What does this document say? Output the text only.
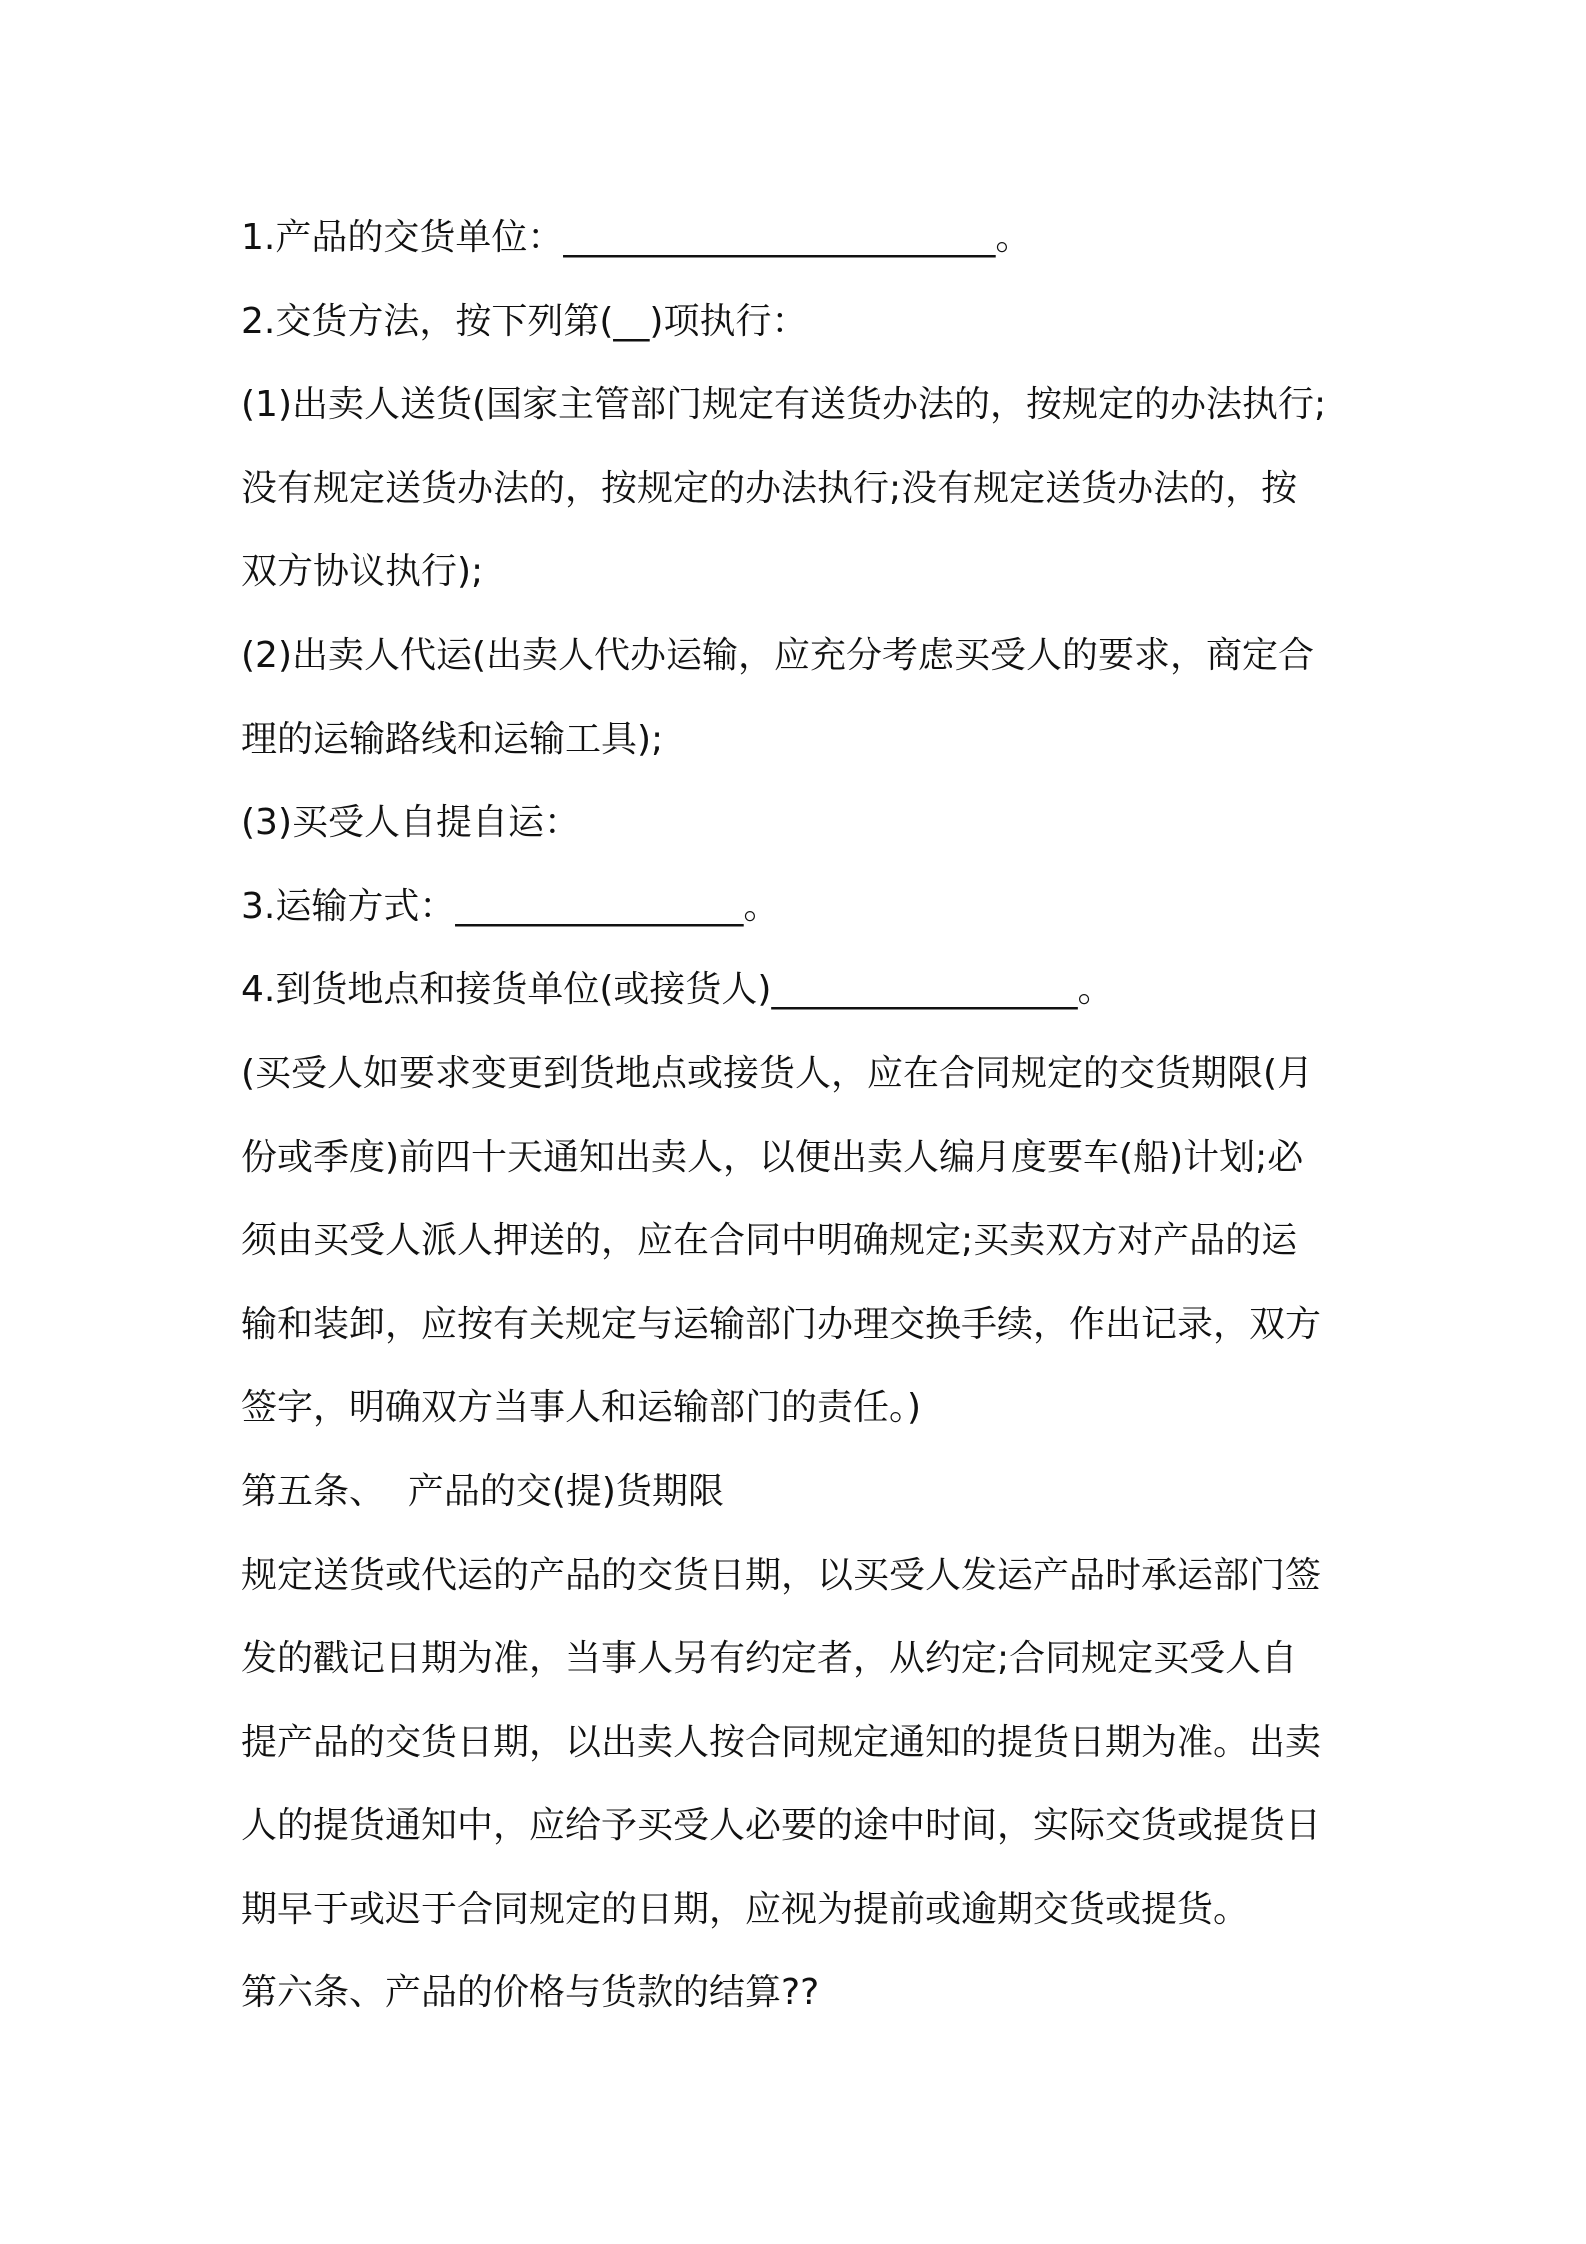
1.产品的交货单位：________________________。
2.交货方法，按下列第(__)项执行：
(1)出卖人送货(国家主管部门规定有送货办法的，按规定的办法执行;
没有规定送货办法的，按规定的办法执行;没有规定送货办法的，按
双方协议执行);
(2)出卖人代运(出卖人代办运输，应充分考虑买受人的要求，商定合
理的运输路线和运输工具);
(3)买受人自提自运：
3.运输方式：________________。
4.到货地点和接货单位(或接货人)_________________。
(买受人如要求变更到货地点或接货人，应在合同规定的交货期限(月
份或季度)前四十天通知出卖人，以便出卖人编月度要车(船)计划;必
须由买受人派人押送的，应在合同中明确规定;买卖双方对产品的运
输和装卸，应按有关规定与运输部门办理交换手续，作出记录，双方
签字，明确双方当事人和运输部门的责任。)
第五条、  产品的交(提)货期限
规定送货或代运的产品的交货日期，以买受人发运产品时承运部门签
发的戳记日期为准，当事人另有约定者，从约定;合同规定买受人自
提产品的交货日期，以出卖人按合同规定通知的提货日期为准。出卖
人的提货通知中，应给予买受人必要的途中时间，实际交货或提货日
期早于或迟于合同规定的日期，应视为提前或逾期交货或提货。
第六条、产品的价格与货款的结算??
